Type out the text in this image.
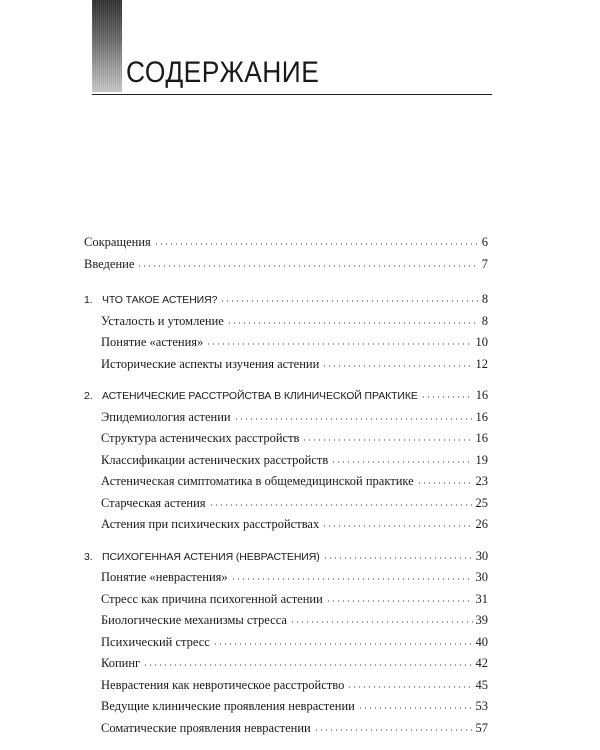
СОДЕРЖАНИЕ
Сокращения	6
Введение	7
1. ЧТО ТАКОЕ АСТЕНИЯ?	8
Усталость и утомление	8
Понятие «астения»	10
Исторические аспекты изучения астении	12
2. АСТЕНИЧЕСКИЕ РАССТРОЙСТВА В КЛИНИЧЕСКОЙ ПРАКТИКЕ	16
Эпидемиология астении	16
Структура астенических расстройств	16
Классификации астенических расстройств	19
Астеническая симптоматика в общемедицинской практике	23
Старческая астения	25
Астения при психических расстройствах	26
3. ПСИХОГЕННАЯ АСТЕНИЯ (НЕВРАСТЕНИЯ)	30
Понятие «неврастения»	30
Стресс как причина психогенной астении	31
Биологические механизмы стресса	39
Психический стресс	40
Копинг	42
Неврастения как невротическое расстройство	45
Ведущие клинические проявления неврастении	53
Соматические проявления неврастении	57
